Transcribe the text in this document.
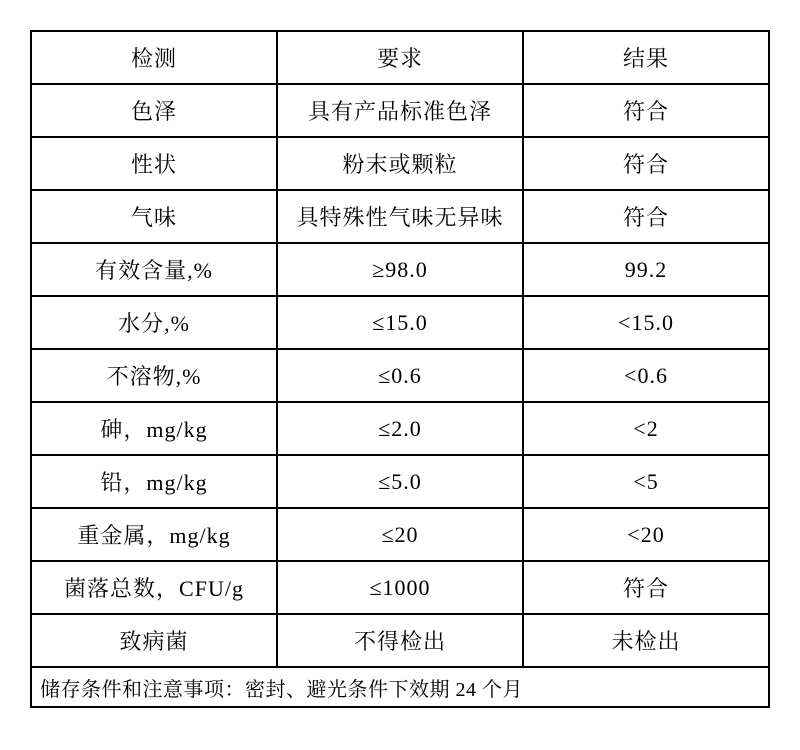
检测	要求	结果
色泽	具有产品标准色泽	符合
性状	粉末或颗粒	符合
气味	具特殊性气味无异味	符合
有效含量,%	≥98.0	99.2
水分,%	≤15.0	<15.0
不溶物,%	≤0.6	<0.6
砷，mg/kg	≤2.0	<2
铅，mg/kg	≤5.0	<5
重金属，mg/kg	≤20	<20
菌落总数，CFU/g	≤1000	符合
致病菌	不得检出	未检出
储存条件和注意事项：密封、避光条件下效期 24 个月		
